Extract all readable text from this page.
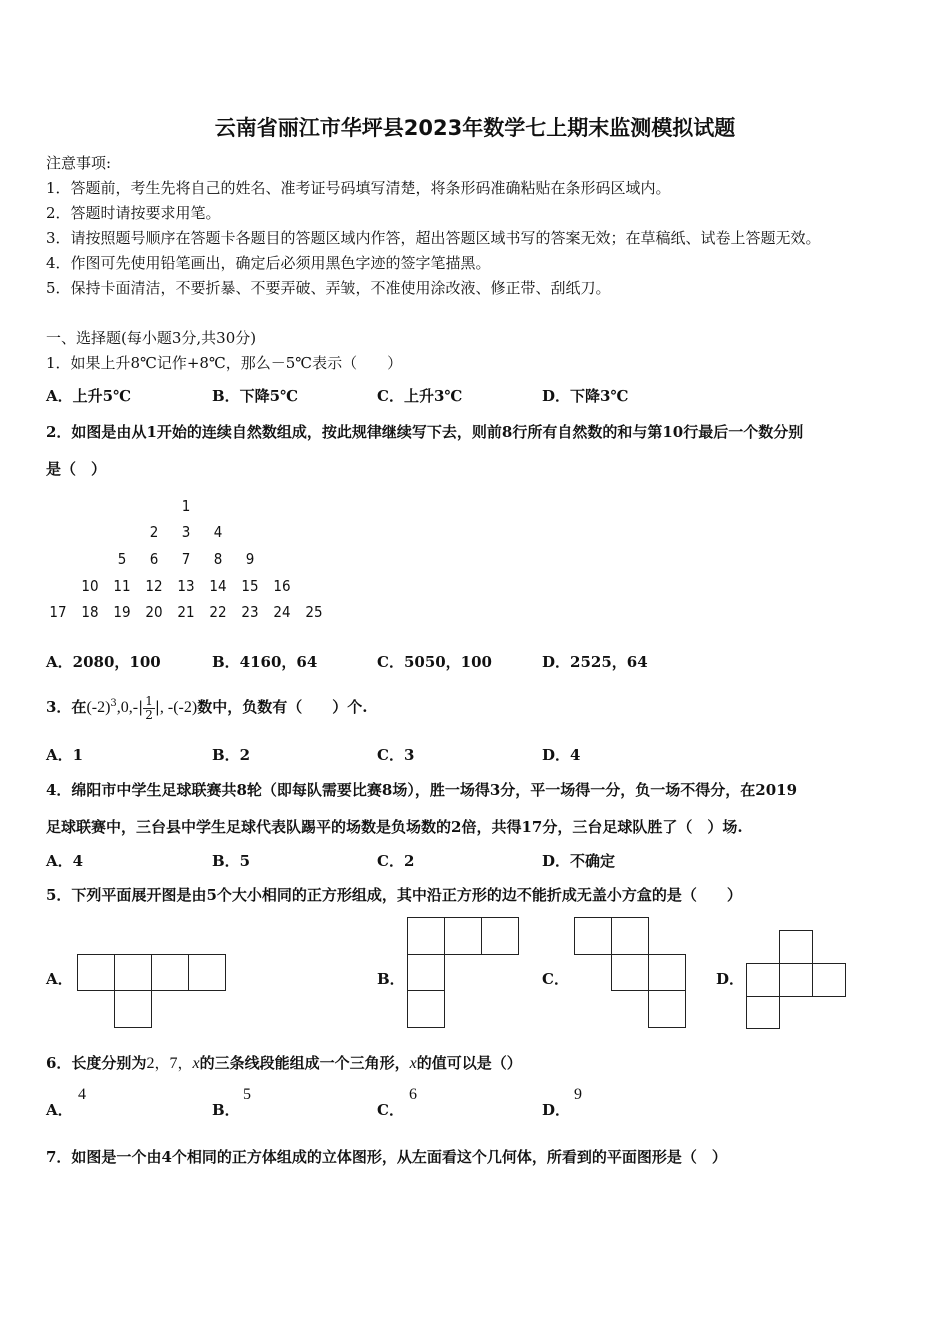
云南省丽江市华坪县2023年数学七上期末监测模拟试题
注意事项:
1．答题前，考生先将自己的姓名、准考证号码填写清楚，将条形码准确粘贴在条形码区域内。
2．答题时请按要求用笔。
3．请按照题号顺序在答题卡各题目的答题区域内作答，超出答题区域书写的答案无效；在草稿纸、试卷上答题无效。
4．作图可先使用铅笔画出，确定后必须用黑色字迹的签字笔描黑。
5．保持卡面清洁，不要折暴、不要弄破、弄皱，不准使用涂改液、修正带、刮纸刀。
一、选择题(每小题3分,共30分)
1．如果上升8℃记作+8℃，那么－5℃表示（　　）
A．上升5℃	B．下降5℃	C．上升3℃	D．下降3℃
2．如图是由从1开始的连续自然数组成，按此规律继续写下去，则前8行所有自然数的和与第10行最后一个数分别
是（　）
1
2	3	4
5	6	7	8	9
10 11 12 13 14 15 16
17 18 19 20 21 22 23 24 25
A．2080，100	B．4160，64	C．5050，100	D．2525，64
3．在$(-2)^3,0,-| \frac{1}{2}$ |, -(-2)数中，负数有（　　）个.
A．1	B．2	C．3	D．4
4．绵阳市中学生足球联赛共8轮（即每队需要比赛8场），胜一场得3分，平一场得一分，负一场不得分，在2019
足球联赛中，三台县中学生足球代表队踢平的场数是负场数的2倍，共得17分，三台足球队胜了（　）场.
A．4	B．5	C．2	D．不确定
5．下列平面展开图是由5个大小相同的正方形组成，其中沿正方形的边不能折成无盖小方盒的是（　　）
A．	B．	C．	D．
6．长度分别为2，7，x的三条线段能组成一个三角形，x的值可以是（）
A．
4
B．
5
C．
6
D．
9
7．如图是一个由4个相同的正方体组成的立体图形，从左面看这个几何体，所看到的平面图形是（　）
